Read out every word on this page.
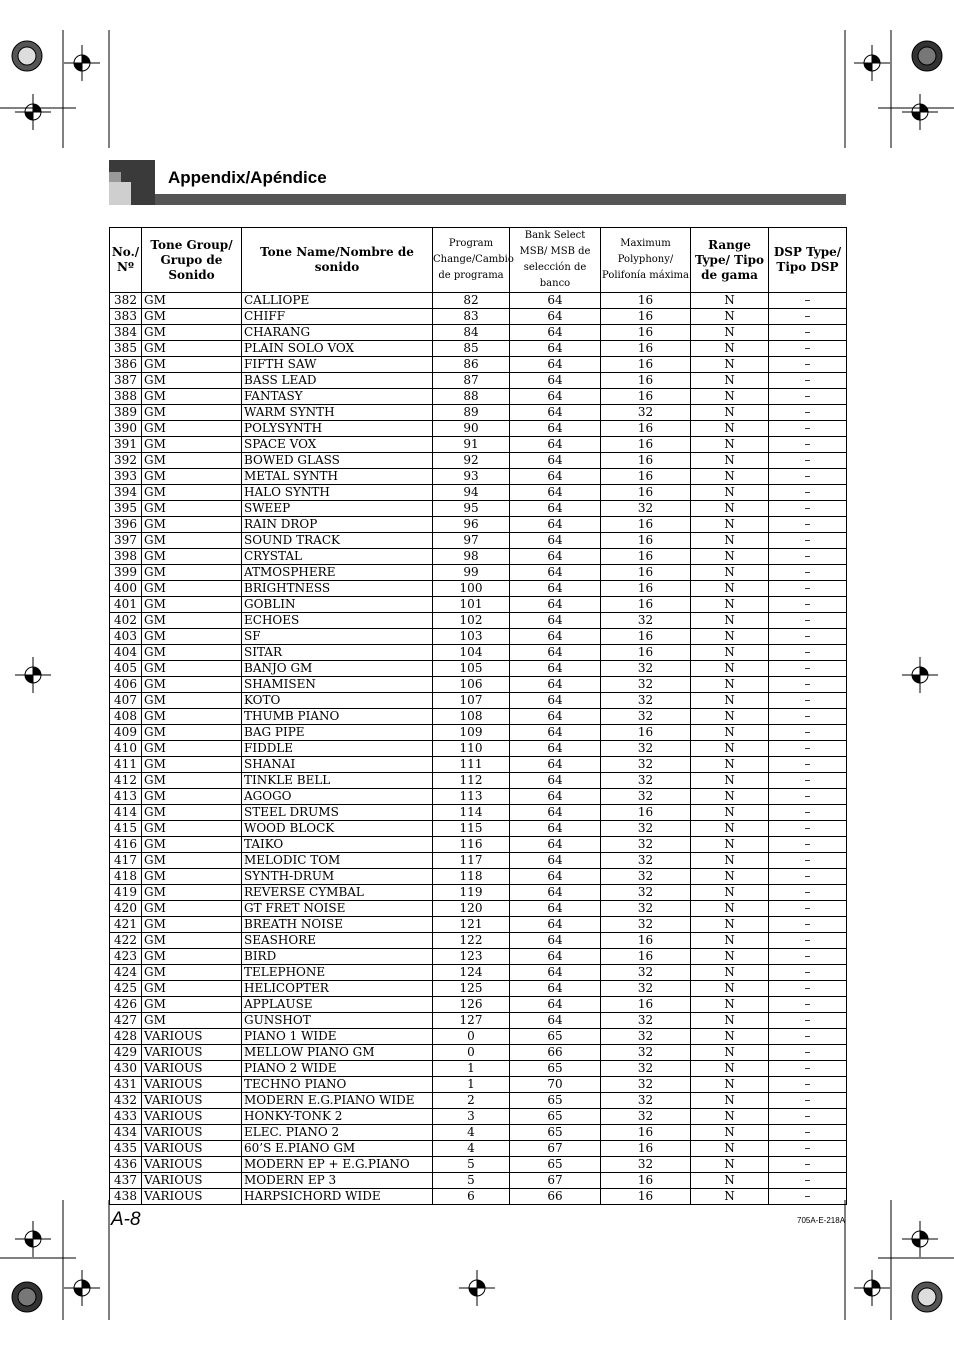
Appendix/Apéndice
No./ Nº	Tone Group/ Grupo de Sonido	Tone Name/Nombre de sonido	Program Change/Cambio de programa	Bank Select MSB/ MSB de selección de banco	Maximum Polyphony/ Polifonía máxima	Range Type/ Tipo de gama	DSP Type/ Tipo DSP
382	GM	CALLIOPE	82	64	16	N	–
383	GM	CHIFF	83	64	16	N	–
384	GM	CHARANG	84	64	16	N	–
385	GM	PLAIN SOLO VOX	85	64	16	N	–
386	GM	FIFTH SAW	86	64	16	N	–
387	GM	BASS LEAD	87	64	16	N	–
388	GM	FANTASY	88	64	16	N	–
389	GM	WARM SYNTH	89	64	32	N	–
390	GM	POLYSYNTH	90	64	16	N	–
391	GM	SPACE VOX	91	64	16	N	–
392	GM	BOWED GLASS	92	64	16	N	–
393	GM	METAL SYNTH	93	64	16	N	–
394	GM	HALO SYNTH	94	64	16	N	–
395	GM	SWEEP	95	64	32	N	–
396	GM	RAIN DROP	96	64	16	N	–
397	GM	SOUND TRACK	97	64	16	N	–
398	GM	CRYSTAL	98	64	16	N	–
399	GM	ATMOSPHERE	99	64	16	N	–
400	GM	BRIGHTNESS	100	64	16	N	–
401	GM	GOBLIN	101	64	16	N	–
402	GM	ECHOES	102	64	32	N	–
403	GM	SF	103	64	16	N	–
404	GM	SITAR	104	64	16	N	–
405	GM	BANJO GM	105	64	32	N	–
406	GM	SHAMISEN	106	64	32	N	–
407	GM	KOTO	107	64	32	N	–
408	GM	THUMB PIANO	108	64	32	N	–
409	GM	BAG PIPE	109	64	16	N	–
410	GM	FIDDLE	110	64	32	N	–
411	GM	SHANAI	111	64	32	N	–
412	GM	TINKLE BELL	112	64	32	N	–
413	GM	AGOGO	113	64	32	N	–
414	GM	STEEL DRUMS	114	64	16	N	–
415	GM	WOOD BLOCK	115	64	32	N	–
416	GM	TAIKO	116	64	32	N	–
417	GM	MELODIC TOM	117	64	32	N	–
418	GM	SYNTH-DRUM	118	64	32	N	–
419	GM	REVERSE CYMBAL	119	64	32	N	–
420	GM	GT FRET NOISE	120	64	32	N	–
421	GM	BREATH NOISE	121	64	32	N	–
422	GM	SEASHORE	122	64	16	N	–
423	GM	BIRD	123	64	16	N	–
424	GM	TELEPHONE	124	64	32	N	–
425	GM	HELICOPTER	125	64	32	N	–
426	GM	APPLAUSE	126	64	16	N	–
427	GM	GUNSHOT	127	64	32	N	–
428	VARIOUS	PIANO 1 WIDE	0	65	32	N	–
429	VARIOUS	MELLOW PIANO GM	0	66	32	N	–
430	VARIOUS	PIANO 2 WIDE	1	65	32	N	–
431	VARIOUS	TECHNO PIANO	1	70	32	N	–
432	VARIOUS	MODERN E.G.PIANO WIDE	2	65	32	N	–
433	VARIOUS	HONKY-TONK 2	3	65	32	N	–
434	VARIOUS	ELEC. PIANO 2	4	65	16	N	–
435	VARIOUS	60’S E.PIANO GM	4	67	16	N	–
436	VARIOUS	MODERN EP + E.G.PIANO	5	65	32	N	–
437	VARIOUS	MODERN EP 3	5	67	16	N	–
438	VARIOUS	HARPSICHORD WIDE	6	66	16	N	–
A-8	705A-E-218A
